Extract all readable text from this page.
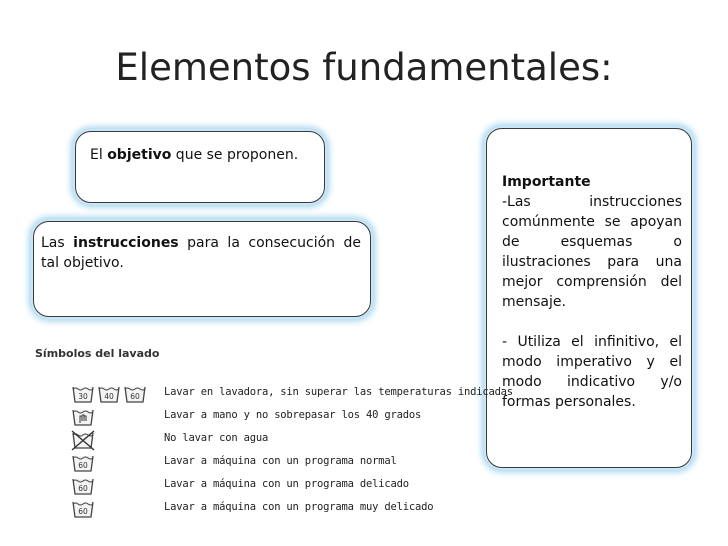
Elementos fundamentales:
El objetivo que se proponen.
Las instrucciones para la consecución de tal objetivo.

Importante

-Las instrucciones comúnmente se apoyan de esquemas o ilustraciones para una mejor comprensión del mensaje.

- Utiliza el infinitivo, el modo imperativo y el modo indicativo y/o formas personales.

Símbolos del lavado
30 40 60 Lavar en lavadora, sin superar las temperaturas indicadas
Lavar a mano y no sobrepasar los 40 grados
No lavar con agua
60	Lavar a máquina con un programa normal
60	Lavar a máquina con un programa delicado
60	Lavar a máquina con un programa muy delicado
